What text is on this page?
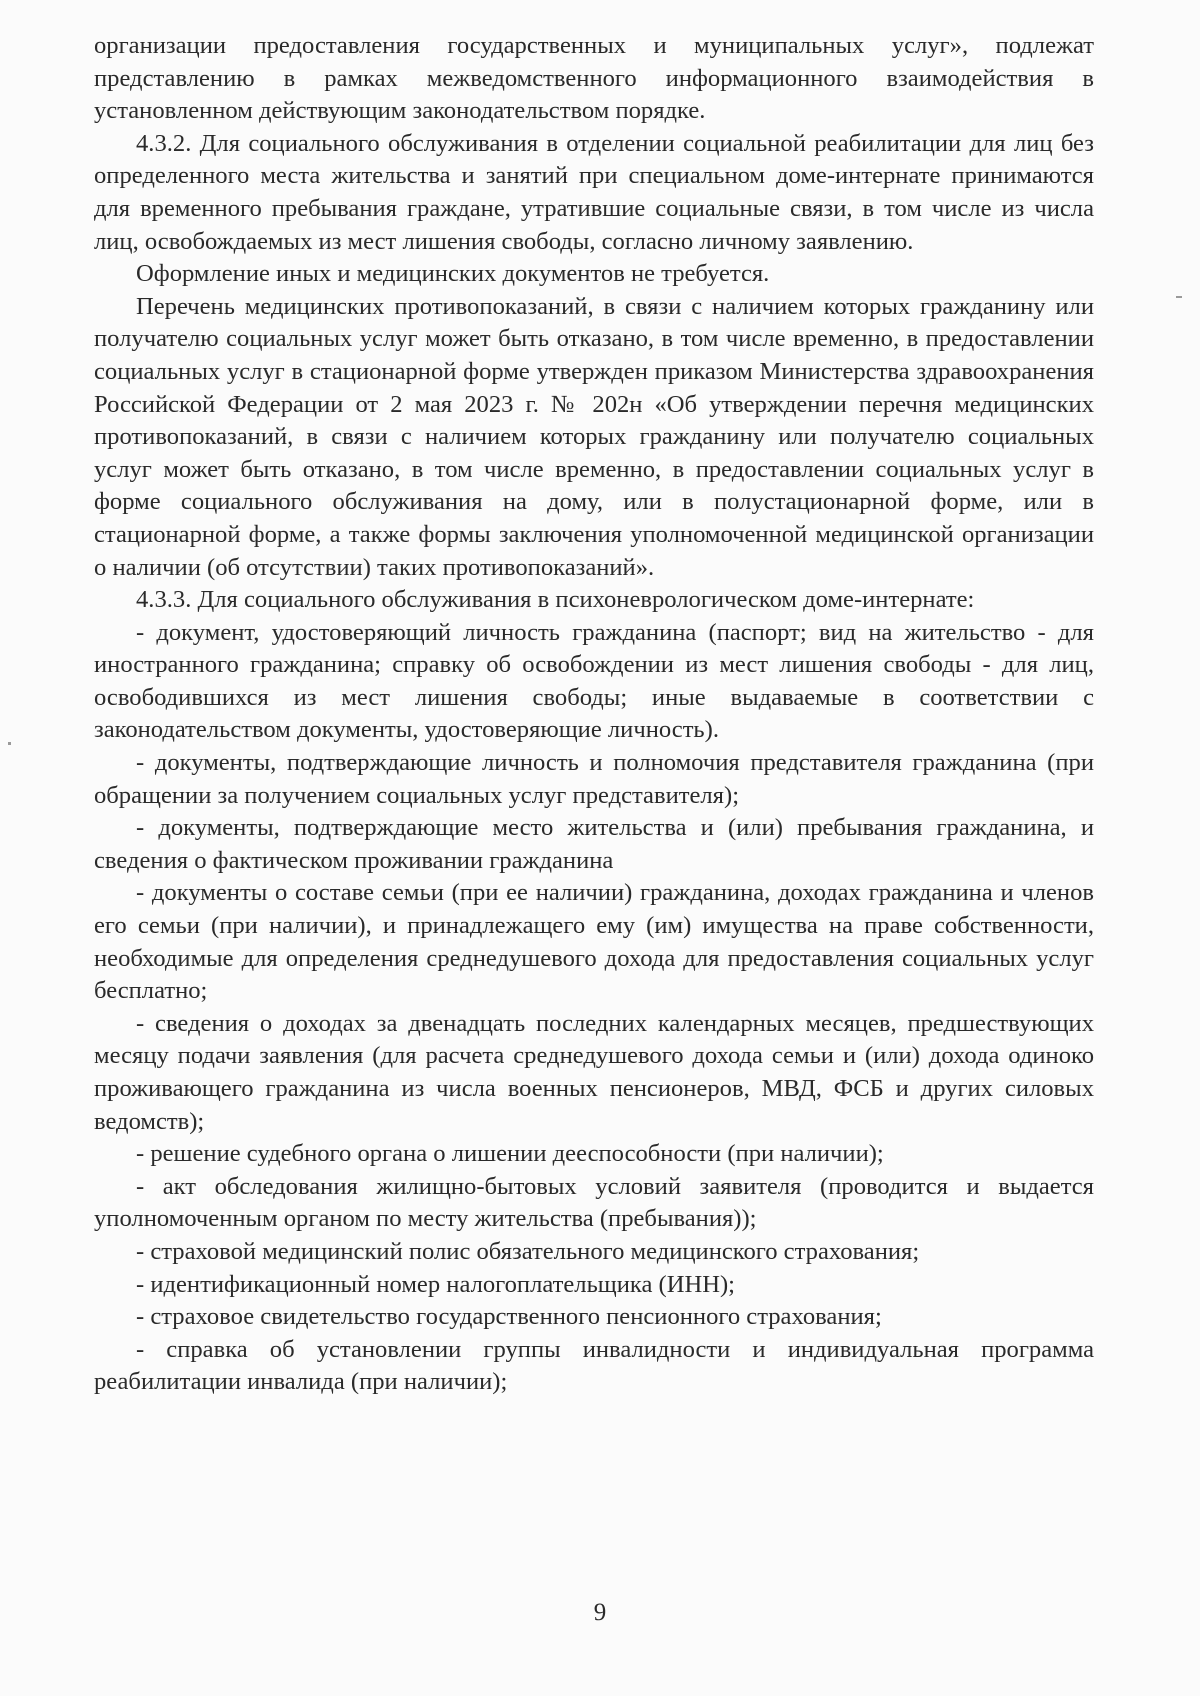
организации предоставления государственных и муниципальных услуг», подлежат представлению в рамках межведомственного информационного взаимодействия в установленном действующим законодательством порядке.

4.3.2. Для социального обслуживания в отделении социальной реабилитации для лиц без определенного места жительства и занятий при специальном доме-интернате принимаются для временного пребывания граждане, утратившие социальные связи, в том числе из числа лиц, освобождаемых из мест лишения свободы, согласно личному заявлению.

Оформление иных и медицинских документов не требуется.

Перечень медицинских противопоказаний, в связи с наличием которых гражданину или получателю социальных услуг может быть отказано, в том числе временно, в предоставлении социальных услуг в стационарной форме утвержден приказом Министерства здравоохранения Российской Федерации от 2 мая 2023 г. № 202н «Об утверждении перечня медицинских противопоказаний, в связи с наличием которых гражданину или получателю социальных услуг может быть отказано, в том числе временно, в предоставлении социальных услуг в форме социального обслуживания на дому, или в полустационарной форме, или в стационарной форме, а также формы заключения уполномоченной медицинской организации о наличии (об отсутствии) таких противопоказаний».

4.3.3. Для социального обслуживания в психоневрологическом доме-интернате:

- документ, удостоверяющий личность гражданина (паспорт; вид на жительство - для иностранного гражданина; справку об освобождении из мест лишения свободы - для лиц, освободившихся из мест лишения свободы; иные выдаваемые в соответствии с законодательством документы, удостоверяющие личность).

- документы, подтверждающие личность и полномочия представителя гражданина (при обращении за получением социальных услуг представителя);

- документы, подтверждающие место жительства и (или) пребывания гражданина, и сведения о фактическом проживании гражданина

- документы о составе семьи (при ее наличии) гражданина, доходах гражданина и членов его семьи (при наличии), и принадлежащего ему (им) имущества на праве собственности, необходимые для определения среднедушевого дохода для предоставления социальных услуг бесплатно;

- сведения о доходах за двенадцать последних календарных месяцев, предшествующих месяцу подачи заявления (для расчета среднедушевого дохода семьи и (или) дохода одиноко проживающего гражданина из числа военных пенсионеров, МВД, ФСБ и других силовых ведомств);

- решение судебного органа о лишении дееспособности (при наличии);

- акт обследования жилищно-бытовых условий заявителя (проводится и выдается уполномоченным органом по месту жительства (пребывания));

- страховой медицинский полис обязательного медицинского страхования;

- идентификационный номер налогоплательщика (ИНН);

- страховое свидетельство государственного пенсионного страхования;

- справка об установлении группы инвалидности и индивидуальная программа реабилитации инвалида (при наличии);

9
